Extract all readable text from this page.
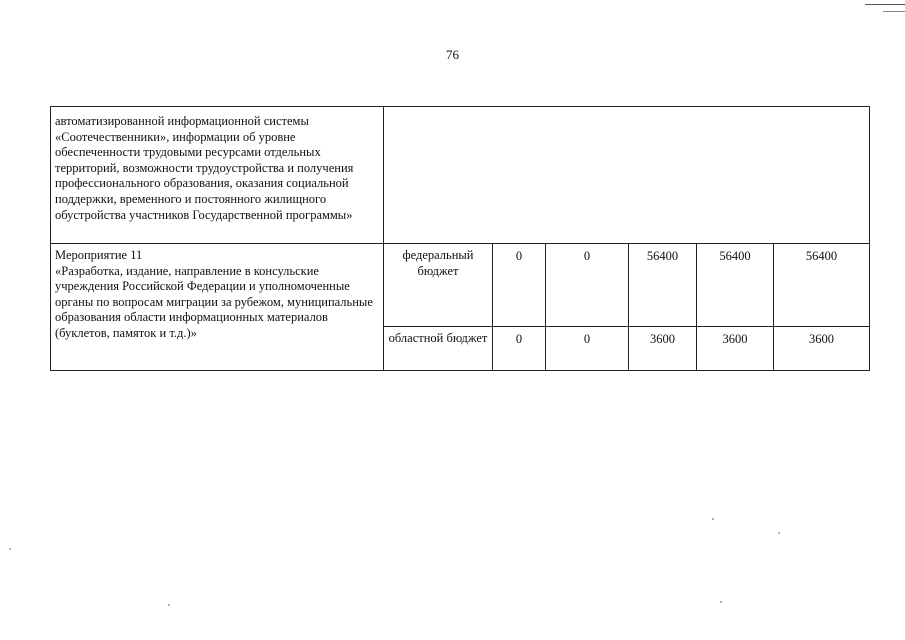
76
автоматизированной информационной системы «Соотечественники», информации об уровне обеспеченности трудовыми ресурсами отдельных территорий, возможности трудоустройства и получения профессионального образования, оказания социальной поддержки, временного и постоянного жилищного обустройства участников Государственной программы»						

Мероприятие 11
«Разработка, издание, направление в консульские учреждения Российской Федерации и уполномоченные органы по вопросам миграции за рубежом, муниципальные образования области информационных материалов (буклетов, памяток и т.д.)»	федеральный бюджет	0	0	56400	56400	56400
	областной бюджет	0	0	3600	3600	3600
